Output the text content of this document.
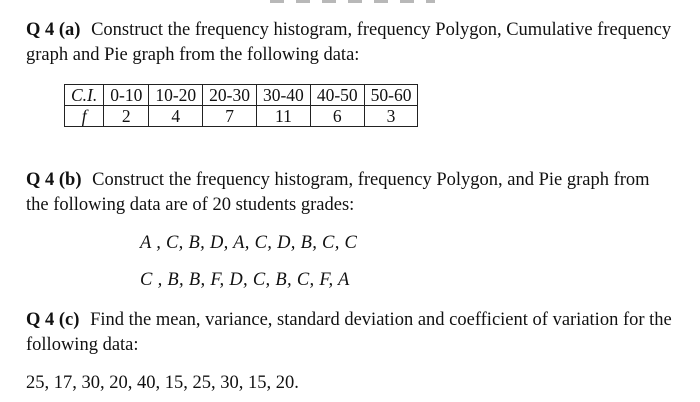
Q 4 (a) Construct the frequency histogram, frequency Polygon, Cumulative frequency graph and Pie graph from the following data:
C.I.	0-10	10-20	20-30	30-40	40-50	50-60
f	2	4	7	11	6	3
Q 4 (b) Construct the frequency histogram, frequency Polygon, and Pie graph from the following data are of 20 students grades:
A , C, B, D, A, C, D, B, C, C
C , B, B, F, D, C, B, C, F, A
Q 4 (c) Find the mean, variance, standard deviation and coefficient of variation for the following data:
25, 17, 30, 20, 40, 15, 25, 30, 15, 20.
